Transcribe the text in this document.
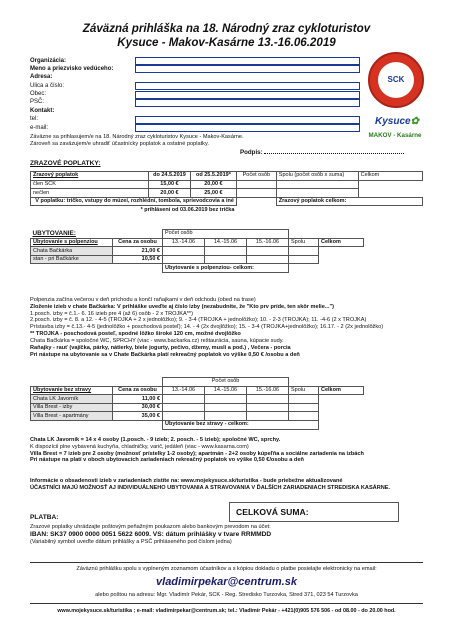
Záväzná prihláška na 18. Národný zraz cykloturistov
Kysuce - Makov-Kasárne 13.-16.06.2019
Organizácia:
Meno a priezvisko vedúceho:
Adresa:
Ulica a číslo:
Obec:
PSČ:
Kontakt:
tel:
e-mail:
SCK
Kysuce✿
MAKOV - Kasárne
Záväzne sa prihlasujem/e na 18. Národný zraz cykloturistov Kysuce - Makov-Kasárne.
Zároveň sa zaväzujem/e uhradiť účastnícky poplatok a ostatné poplatky.
Podpis:
ZRAZOVÉ POPLATKY:
Zrazový poplatok	do 24.5.2019	od 25.5.2019*	Počet osôb	Spolu (počet osôb x suma)	Celkom
člen SCK	15,00 €	20,00 €			
nečlen	20,00 €	25,00 €			
V poplatku: tričko, vstupy do múzeí, rozhlédní, tombola, sprievodcovia a iné				Zrazový poplatok celkom:	
* prihlásení od 03.06.2019 bez trička					
UBYTOVANIE:		Počet osôb				
Ubytovanie s polpenziou	Cena za osobu	13.-14.06	14.-15.06	15.-16.06	Spolu	Celkom
Chata Bačkárka	21,00 €					
stan - pri Bačkárke	10,50 €					
		Ubytovanie s polpenziou- celkom:				
Polpenzia začína večerou v deň príchodu a končí raňajkami v deň odchodu (obed na trase)
Zloženie izieb v chate Bačkárka: V prihláške uveďte aj číslo izby (nezabudnite, že "Kto prv príde, ten skôr melie...")
1.posch. izby = č.1.- 6. 16 izieb pre 4 (až 6) osôb - 2 x TROJKA**)
2.posch. izby = č. 8. a 12. - 4-5 (TROJKA + 2 x jednolôžko); 9. - 3-4 (TROJKA + jednolôžko); 10. - 2-3 (TROJKA); 11. -4-6 (2 x TROJKA)
Prístavba izby = č.13.- 4-5 (jednolôžko + poschodová posteľ); 14. - 4 (2x dvojlôžko); 15. - 3-4 (TROJKA+jednolôžko); 16.17. - 2 (2x jednolôžko)
** TROJKA - poschodová posteľ, spodné lôžko široké 120 cm, možné dvojlôžko
Chata Bačkárka = spoločné WC, SPRCHY (viac - www.backarka.cz) reštaurácia, sauna, kúpacie sudy.
Raňajky - rauť (vajíčka, párky, nátierky, biele jogurty, pečivo, džemy, musli a pod.) , Večera - porcia
Pri nástupe na ubytovanie sa v Chate Bačkárka platí rekreačný poplatok vo výške 0,50 € /osobu a deň
		Počet osôb				
Ubytovanie bez stravy	Cena za osobu	13.-14.06	14.-15.06	15.-16.06	Spolu	Celkom
Chata LK Javorník	11,00 €					
Villa Brest - izby	30,00 €					
Villa Brest - apartmány	35,00 €					
		Ubytovanie bez stravy - celkom:				
Chata LK Javorník = 14 x 4 osoby (1.posch. - 9 izieb; 2. posch. - 5 izieb); spoločné WC, sprchy.
K dispozícii plne vybavená kuchyňa, chladničky, varič, jedáleň (viac - www.kasarna.com)
Villa Brest = 7 izieb pre 2 osoby (možnosť prístelky 1-2 osoby); apartmán - 2+2 osoby kúpeľňa a sociálne zariadenia na izbách
Pri nástupe na platí v oboch ubytovacích zariadeniach rekreačný poplatok vo výške 0,50 €/osobu a deň
Informácie o obsadenosti izieb v zariadeniach zistíte na: www.mojekysuce.sk/turistika - bude priebežne aktualizované
ÚČASTNÍCI MAJÚ MOŽNOSŤ AJ INDIVIDUÁLNEHO UBYTOVANIA A STRAVOVANIA V ĎALŠÍCH ZARIADENIACH STREDISKA KASÁRNE.
PLATBA:
CELKOVÁ SUMA:
Zrazové poplatky uhrádzajte poštovým peňažným poukazom alebo bankovým prevodom na účet:
IBAN: SK37 0900 0000 0051 5622 6009. VS: dátum prihlášky v tvare RRMMDD
(Variabilný symbol uveďte dátum prihlášky a PSČ prihláseného pod číslom jedna)
Záväznú prihlášku spolu s vyplneným zoznamom účastníkov a s kópiou dokladu o platbe posielajte elektronicky na email:
vladimirpekar@centrum.sk
alebo poštou na adresu: Mgr. Vladimír Pekár, SCK - Reg. Stredisko Turzovka, Stred 371, 023 54 Turzovka
www.mojekysuce.sk/turistika ; e-mail: vladimirpekar@centrum.sk; tel.: Vladimír Pekár - +421(0)905 576 506 - od 08.00 - do 20.00 hod.
